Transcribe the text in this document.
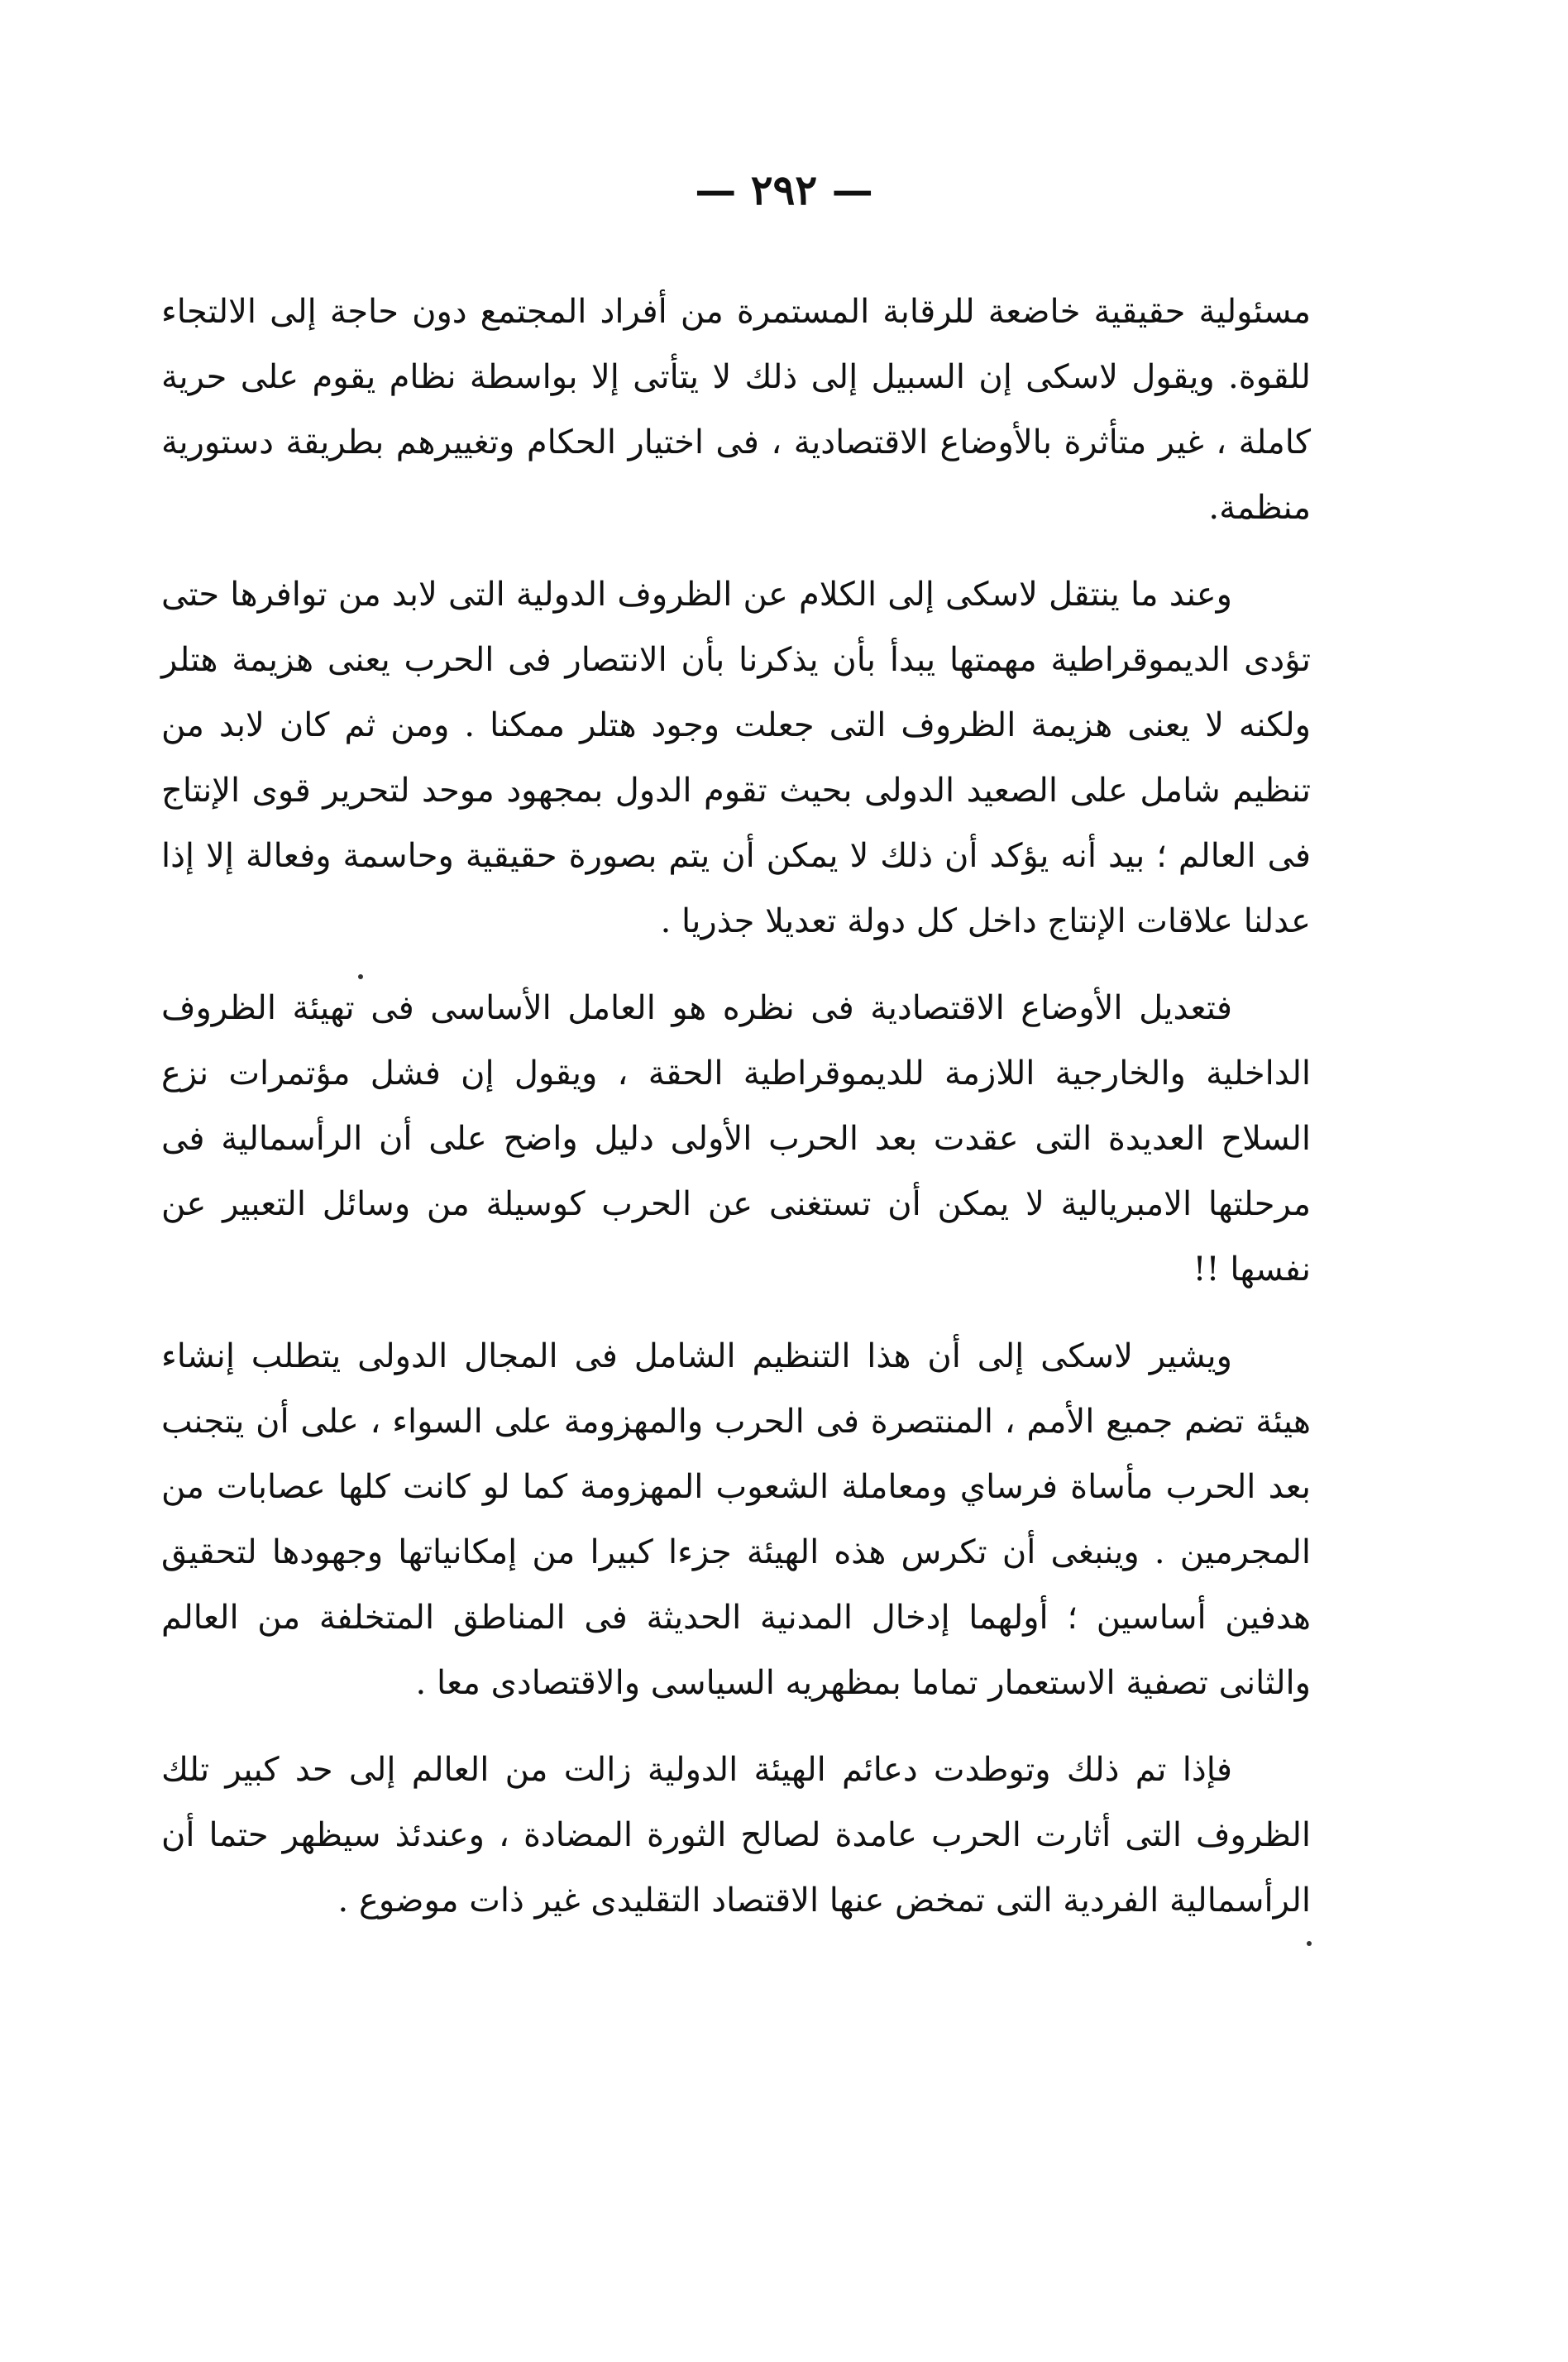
— ٢٩٢ —

مسئولية حقيقية خاضعة للرقابة المستمرة من أفراد المجتمع دون حاجة إلى الالتجاء للقوة. ويقول لاسكى إن السبيل إلى ذلك لا يتأتى إلا بواسطة نظام يقوم على حرية كاملة ، غير متأثرة بالأوضاع الاقتصادية ، فى اختيار الحكام وتغييرهم بطريقة دستورية منظمة.

وعند ما ينتقل لاسكى إلى الكلام عن الظروف الدولية التى لابد من توافرها حتى تؤدى الديموقراطية مهمتها يبدأ بأن يذكرنا بأن الانتصار فى الحرب يعنى هزيمة هتلر ولكنه لا يعنى هزيمة الظروف التى جعلت وجود هتلر ممكنا . ومن ثم كان لابد من تنظيم شامل على الصعيد الدولى بحيث تقوم الدول بمجهود موحد لتحرير قوى الإنتاج فى العالم ؛ بيد أنه يؤكد أن ذلك لا يمكن أن يتم بصورة حقيقية وحاسمة وفعالة إلا إذا عدلنا علاقات الإنتاج داخل كل دولة تعديلا جذريا .

فتعديل الأوضاع الاقتصادية فى نظره هو العامل الأساسى فى تهيئة الظروف الداخلية والخارجية اللازمة للديموقراطية الحقة ، ويقول إن فشل مؤتمرات نزع السلاح العديدة التى عقدت بعد الحرب الأولى دليل واضح على أن الرأسمالية فى مرحلتها الامبريالية لا يمكن أن تستغنى عن الحرب كوسيلة من وسائل التعبير عن نفسها !!

ويشير لاسكى إلى أن هذا التنظيم الشامل فى المجال الدولى يتطلب إنشاء هيئة تضم جميع الأمم ، المنتصرة فى الحرب والمهزومة على السواء ، على أن يتجنب بعد الحرب مأساة فرساي ومعاملة الشعوب المهزومة كما لو كانت كلها عصابات من المجرمين . وينبغى أن تكرس هذه الهيئة جزءا كبيرا من إمكانياتها وجهودها لتحقيق هدفين أساسين ؛ أولهما إدخال المدنية الحديثة فى المناطق المتخلفة من العالم والثانى تصفية الاستعمار تماما بمظهريه السياسى والاقتصادى معا .

فإذا تم ذلك وتوطدت دعائم الهيئة الدولية زالت من العالم إلى حد كبير تلك الظروف التى أثارت الحرب عامدة لصالح الثورة المضادة ، وعندئذ سيظهر حتما أن الرأسمالية الفردية التى تمخض عنها الاقتصاد التقليدى غير ذات موضوع .
